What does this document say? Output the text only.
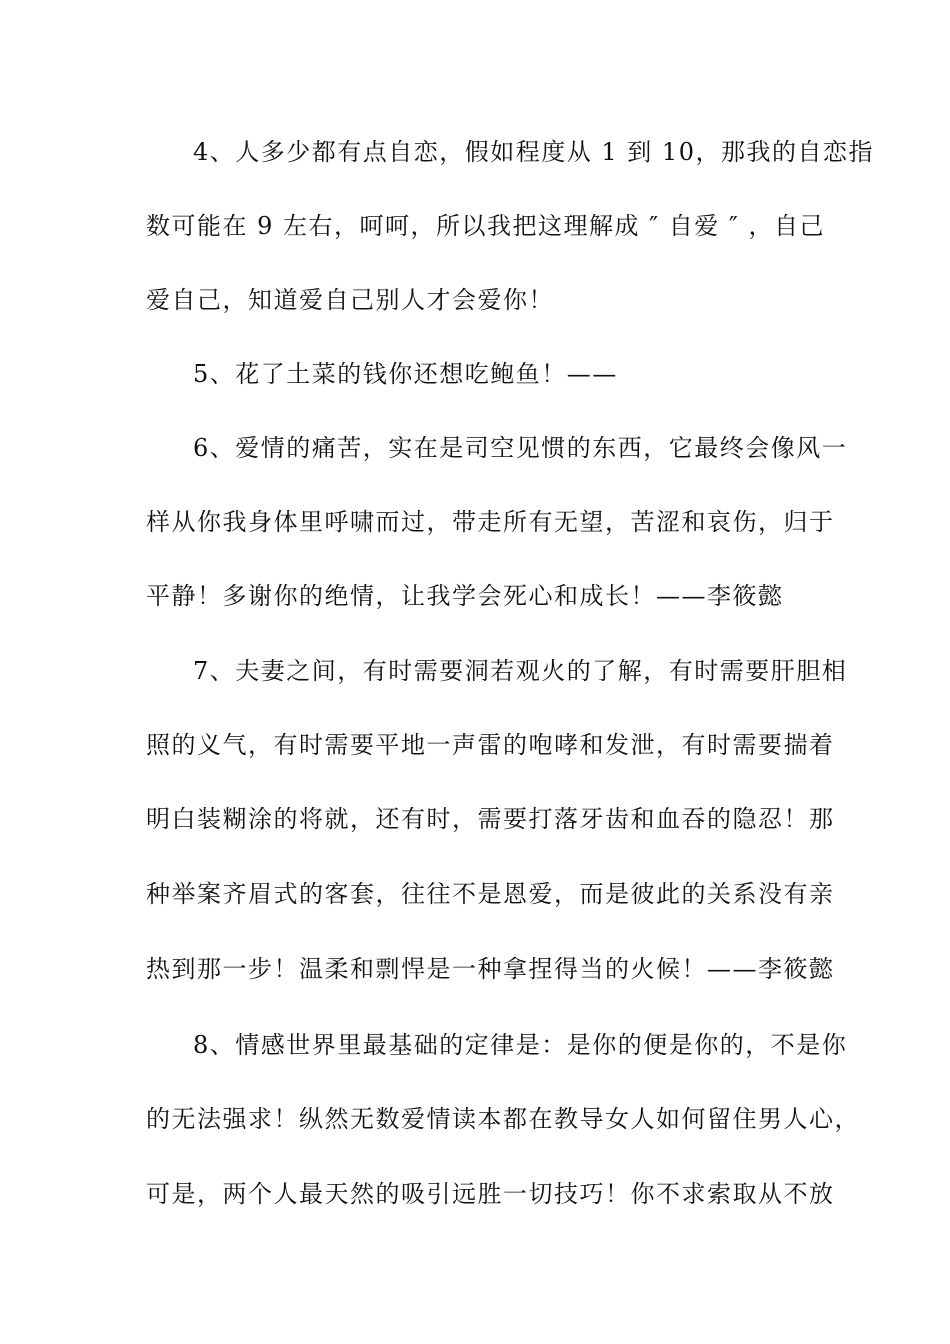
4、人多少都有点自恋，假如程度从 1 到 10，那我的自恋指
数可能在 9 左右，呵呵，所以我把这理解成 ″ 自爱 ″ ，自己
爱自己，知道爱自己别人才会爱你！
5、花了土菜的钱你还想吃鲍鱼！——
6、爱情的痛苦，实在是司空见惯的东西，它最终会像风一
样从你我身体里呼啸而过，带走所有无望，苦涩和哀伤，归于
平静！多谢你的绝情，让我学会死心和成长！——李筱懿
7、夫妻之间，有时需要洞若观火的了解，有时需要肝胆相
照的义气，有时需要平地一声雷的咆哮和发泄，有时需要揣着
明白装糊涂的将就，还有时，需要打落牙齿和血吞的隐忍！那
种举案齐眉式的客套，往往不是恩爱，而是彼此的关系没有亲
热到那一步！温柔和剽悍是一种拿捏得当的火候！——李筱懿
8、情感世界里最基础的定律是：是你的便是你的，不是你
的无法强求！纵然无数爱情读本都在教导女人如何留住男人心，
可是，两个人最天然的吸引远胜一切技巧！你不求索取从不放
